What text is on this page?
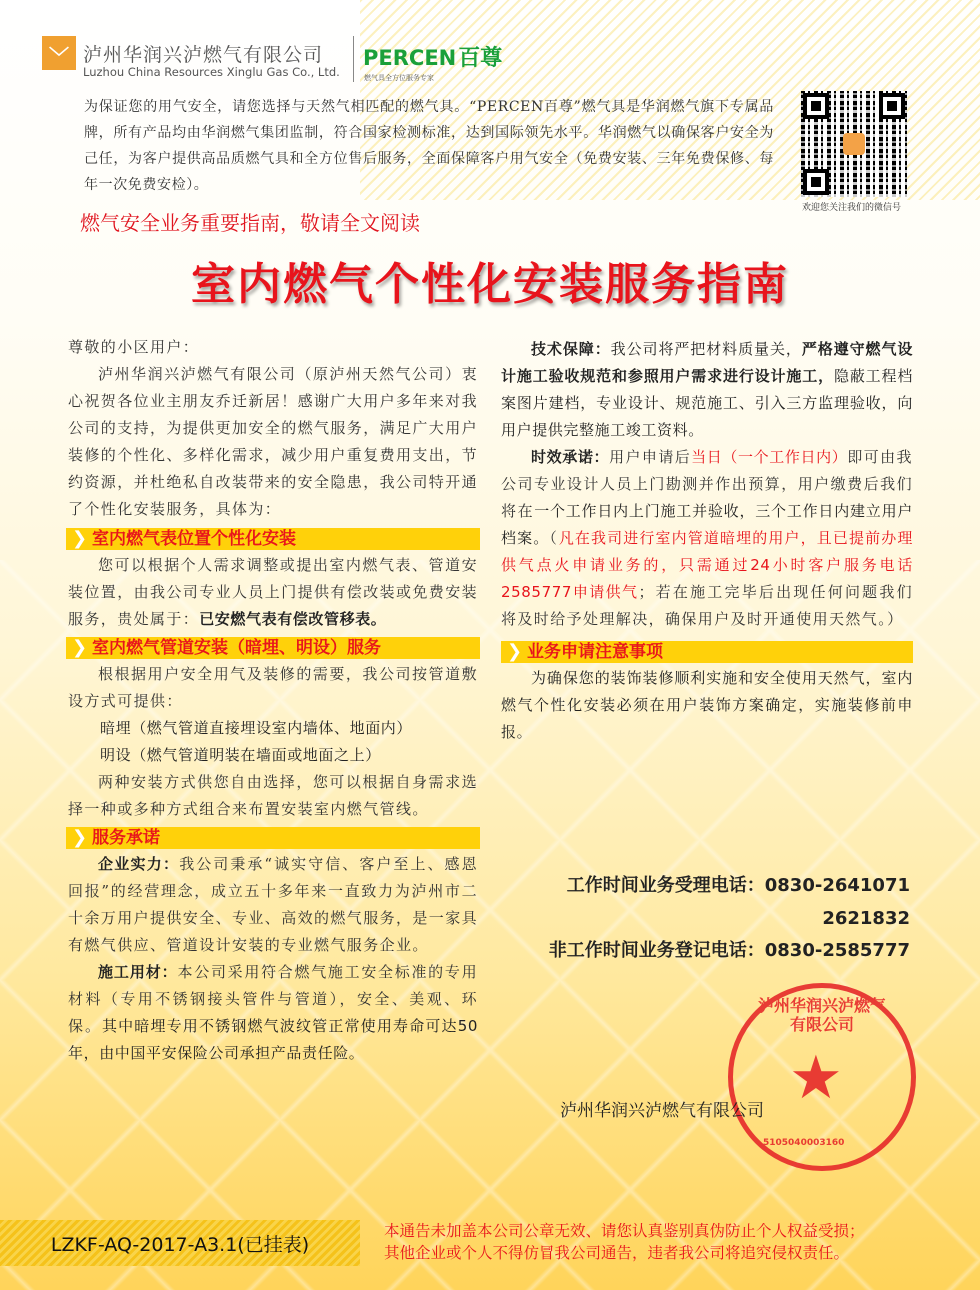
﹀ 泸州华润兴泸燃气有限公司
Luzhou China Resources Xinglu Gas Co., Ltd.
PERCEN百尊
燃气具全方位服务专家
为保证您的用气安全，请您选择与天然气相匹配的燃气具。“PERCEN百尊”燃气具是华润燃气旗下专属品牌，所有产品均由华润燃气集团监制，符合国家检测标准，达到国际领先水平。华润燃气以确保客户安全为己任，为客户提供高品质燃气具和全方位售后服务，全面保障客户用气安全（免费安装、三年免费保修、每年一次免费安检）。
欢迎您关注我们的微信号
燃气安全业务重要指南，敬请全文阅读
室内燃气个性化安装服务指南

尊敬的小区用户：

泸州华润兴泸燃气有限公司（原泸州天然气公司）衷心祝贺各位业主朋友乔迁新居！感谢广大用户多年来对我公司的支持，为提供更加安全的燃气服务，满足广大用户装修的个性化、多样化需求，减少用户重复费用支出，节约资源，并杜绝私自改装带来的安全隐患，我公司特开通了个性化安装服务，具体为：

❯ 室内燃气表位置个性化安装

您可以根据个人需求调整或提出室内燃气表、管道安装位置，由我公司专业人员上门提供有偿改装或免费安装服务，贵处属于：已安燃气表有偿改管移表。

❯ 室内燃气管道安装（暗埋、明设）服务

根根据用户安全用气及装修的需要，我公司按管道敷设方式可提供：

暗埋（燃气管道直接埋设室内墙体、地面内）

明设（燃气管道明装在墙面或地面之上）

两种安装方式供您自由选择，您可以根据自身需求选择一种或多种方式组合来布置安装室内燃气管线。

❯ 服务承诺

企业实力：我公司秉承“诚实守信、客户至上、感恩回报”的经营理念，成立五十多年来一直致力为泸州市二十余万用户提供安全、专业、高效的燃气服务，是一家具有燃气供应、管道设计安装的专业燃气服务企业。

施工用材：本公司采用符合燃气施工安全标准的专用材料（专用不锈钢接头管件与管道），安全、美观、环保。其中暗埋专用不锈钢燃气波纹管正常使用寿命可达50年，由中国平安保险公司承担产品责任险。

技术保障：我公司将严把材料质量关，严格遵守燃气设计施工验收规范和参照用户需求进行设计施工，隐蔽工程档案图片建档，专业设计、规范施工、引入三方监理验收，向用户提供完整施工竣工资料。

时效承诺：用户申请后当日（一个工作日内）即可由我公司专业设计人员上门勘测并作出预算，用户缴费后我们将在一个工作日内上门施工并验收，三个工作日内建立用户档案。（凡在我司进行室内管道暗埋的用户，且已提前办理供气点火申请业务的，只需通过24小时客户服务电话2585777申请供气；若在施工完毕后出现任何问题我们将及时给予处理解决，确保用户及时开通使用天然气。）

❯ 业务申请注意事项

为确保您的装饰装修顺利实施和安全使用天然气，室内燃气个性化安装必须在用户装饰方案确定，实施装修前申报。

工作时间业务受理电话：0830-2641071
2621832
非工作时间业务登记电话：0830-2585777
泸州华润兴泸燃气有限公司
★
5105040003160
泸州华润兴泸燃气有限公司
LZKF-AQ-2017-A3.1(已挂表)
本通告未加盖本公司公章无效、请您认真鉴别真伪防止个人权益受损；
其他企业或个人不得仿冒我公司通告，违者我公司将追究侵权责任。
